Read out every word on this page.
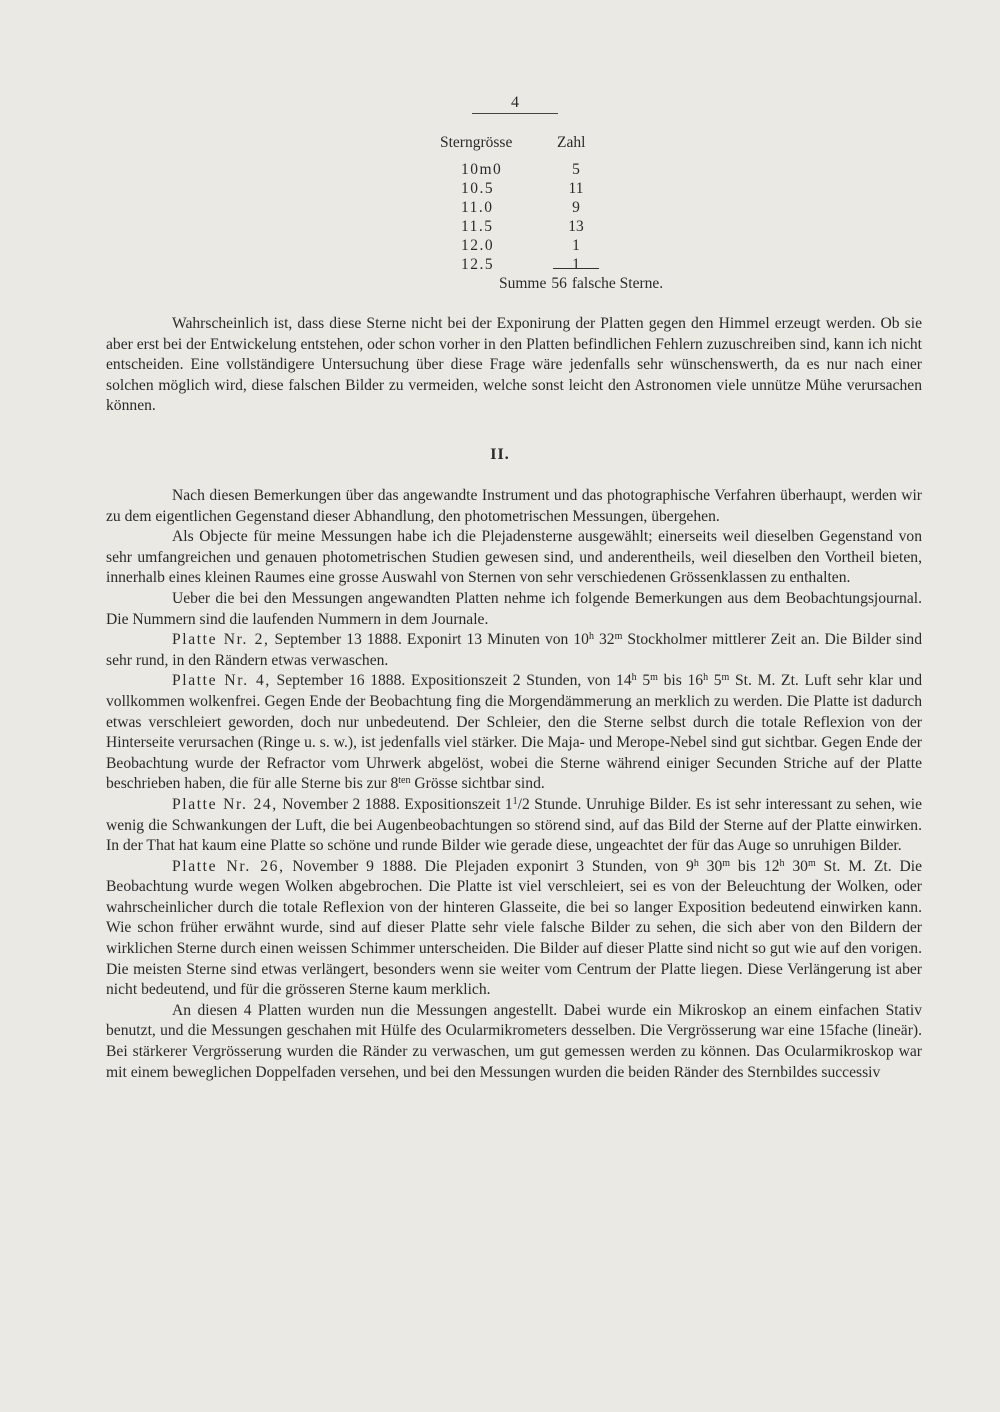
4
Sterngrösse	Zahl
10m0	5
10.5	11
11.0	9
11.5	13
12.0	1
12.5	1
Summe 56 falsche Sterne.

Wahrscheinlich ist, dass diese Sterne nicht bei der Exponirung der Platten gegen den Himmel erzeugt werden. Ob sie aber erst bei der Entwickelung entstehen, oder schon vorher in den Platten befindlichen Fehlern zuzuschreiben sind, kann ich nicht entscheiden. Eine vollständigere Untersuchung über diese Frage wäre jedenfalls sehr wünschenswerth, da es nur nach einer solchen möglich wird, diese falschen Bilder zu vermeiden, welche sonst leicht den Astronomen viele unnütze Mühe verursachen können.

II.

Nach diesen Bemerkungen über das angewandte Instrument und das photographische Verfahren überhaupt, werden wir zu dem eigentlichen Gegenstand dieser Abhandlung, den photometrischen Messungen, übergehen.

Als Objecte für meine Messungen habe ich die Plejadensterne ausgewählt; einerseits weil dieselben Gegenstand von sehr umfangreichen und genauen photometrischen Studien gewesen sind, und anderentheils, weil dieselben den Vortheil bieten, innerhalb eines kleinen Raumes eine grosse Auswahl von Sternen von sehr verschiedenen Grössenklassen zu enthalten.

Ueber die bei den Messungen angewandten Platten nehme ich folgende Bemerkungen aus dem Beobachtungsjournal. Die Nummern sind die laufenden Nummern in dem Journale.

Platte Nr. 2, September 13 1888. Exponirt 13 Minuten von 10$^h$ 32$^m$ Stockholmer mittlerer Zeit an. Die Bilder sind sehr rund, in den Rändern etwas verwaschen.

Platte Nr. 4, September 16 1888. Expositionszeit 2 Stunden, von 14$^h$ 5$^m$ bis 16$^h$ 5$^m$ St. M. Zt. Luft sehr klar und vollkommen wolkenfrei. Gegen Ende der Beobachtung fing die Morgendämmerung an merklich zu werden. Die Platte ist dadurch etwas verschleiert geworden, doch nur unbedeutend. Der Schleier, den die Sterne selbst durch die totale Reflexion von der Hinterseite verursachen (Ringe u. s. w.), ist jedenfalls viel stärker. Die Maja- und Merope-Nebel sind gut sichtbar. Gegen Ende der Beobachtung wurde der Refractor vom Uhrwerk abgelöst, wobei die Sterne während einiger Secunden Striche auf der Platte beschrieben haben, die für alle Sterne bis zur $8^{ten}$ Grösse sichtbar sind.

Platte Nr. 24, November 2 1888. Expositionszeit $1^1/2$ Stunde. Unruhige Bilder. Es ist sehr interessant zu sehen, wie wenig die Schwankungen der Luft, die bei Augenbeobachtungen so störend sind, auf das Bild der Sterne auf der Platte einwirken. In der That hat kaum eine Platte so schöne und runde Bilder wie gerade diese, ungeachtet der für das Auge so unruhigen Bilder.

Platte Nr. 26, November 9 1888. Die Plejaden exponirt 3 Stunden, von 9$^h$ 30$^m$ bis 12$^h$ 30$^m$ St. M. Zt. Die Beobachtung wurde wegen Wolken abgebrochen. Die Platte ist viel verschleiert, sei es von der Beleuchtung der Wolken, oder wahrscheinlicher durch die totale Reflexion von der hinteren Glasseite, die bei so langer Exposition bedeutend einwirken kann. Wie schon früher erwähnt wurde, sind auf dieser Platte sehr viele falsche Bilder zu sehen, die sich aber von den Bildern der wirklichen Sterne durch einen weissen Schimmer unterscheiden. Die Bilder auf dieser Platte sind nicht so gut wie auf den vorigen. Die meisten Sterne sind etwas verlängert, besonders wenn sie weiter vom Centrum der Platte liegen. Diese Verlängerung ist aber nicht bedeutend, und für die grösseren Sterne kaum merklich.

An diesen 4 Platten wurden nun die Messungen angestellt. Dabei wurde ein Mikroskop an einem einfachen Stativ benutzt, und die Messungen geschahen mit Hülfe des Ocularmikrometers desselben. Die Vergrösserung war eine 15fache (lineär). Bei stärkerer Vergrösserung wurden die Ränder zu verwaschen, um gut gemessen werden zu können. Das Ocularmikroskop war mit einem beweglichen Doppelfaden versehen, und bei den Messungen wurden die beiden Ränder des Sternbildes successiv
